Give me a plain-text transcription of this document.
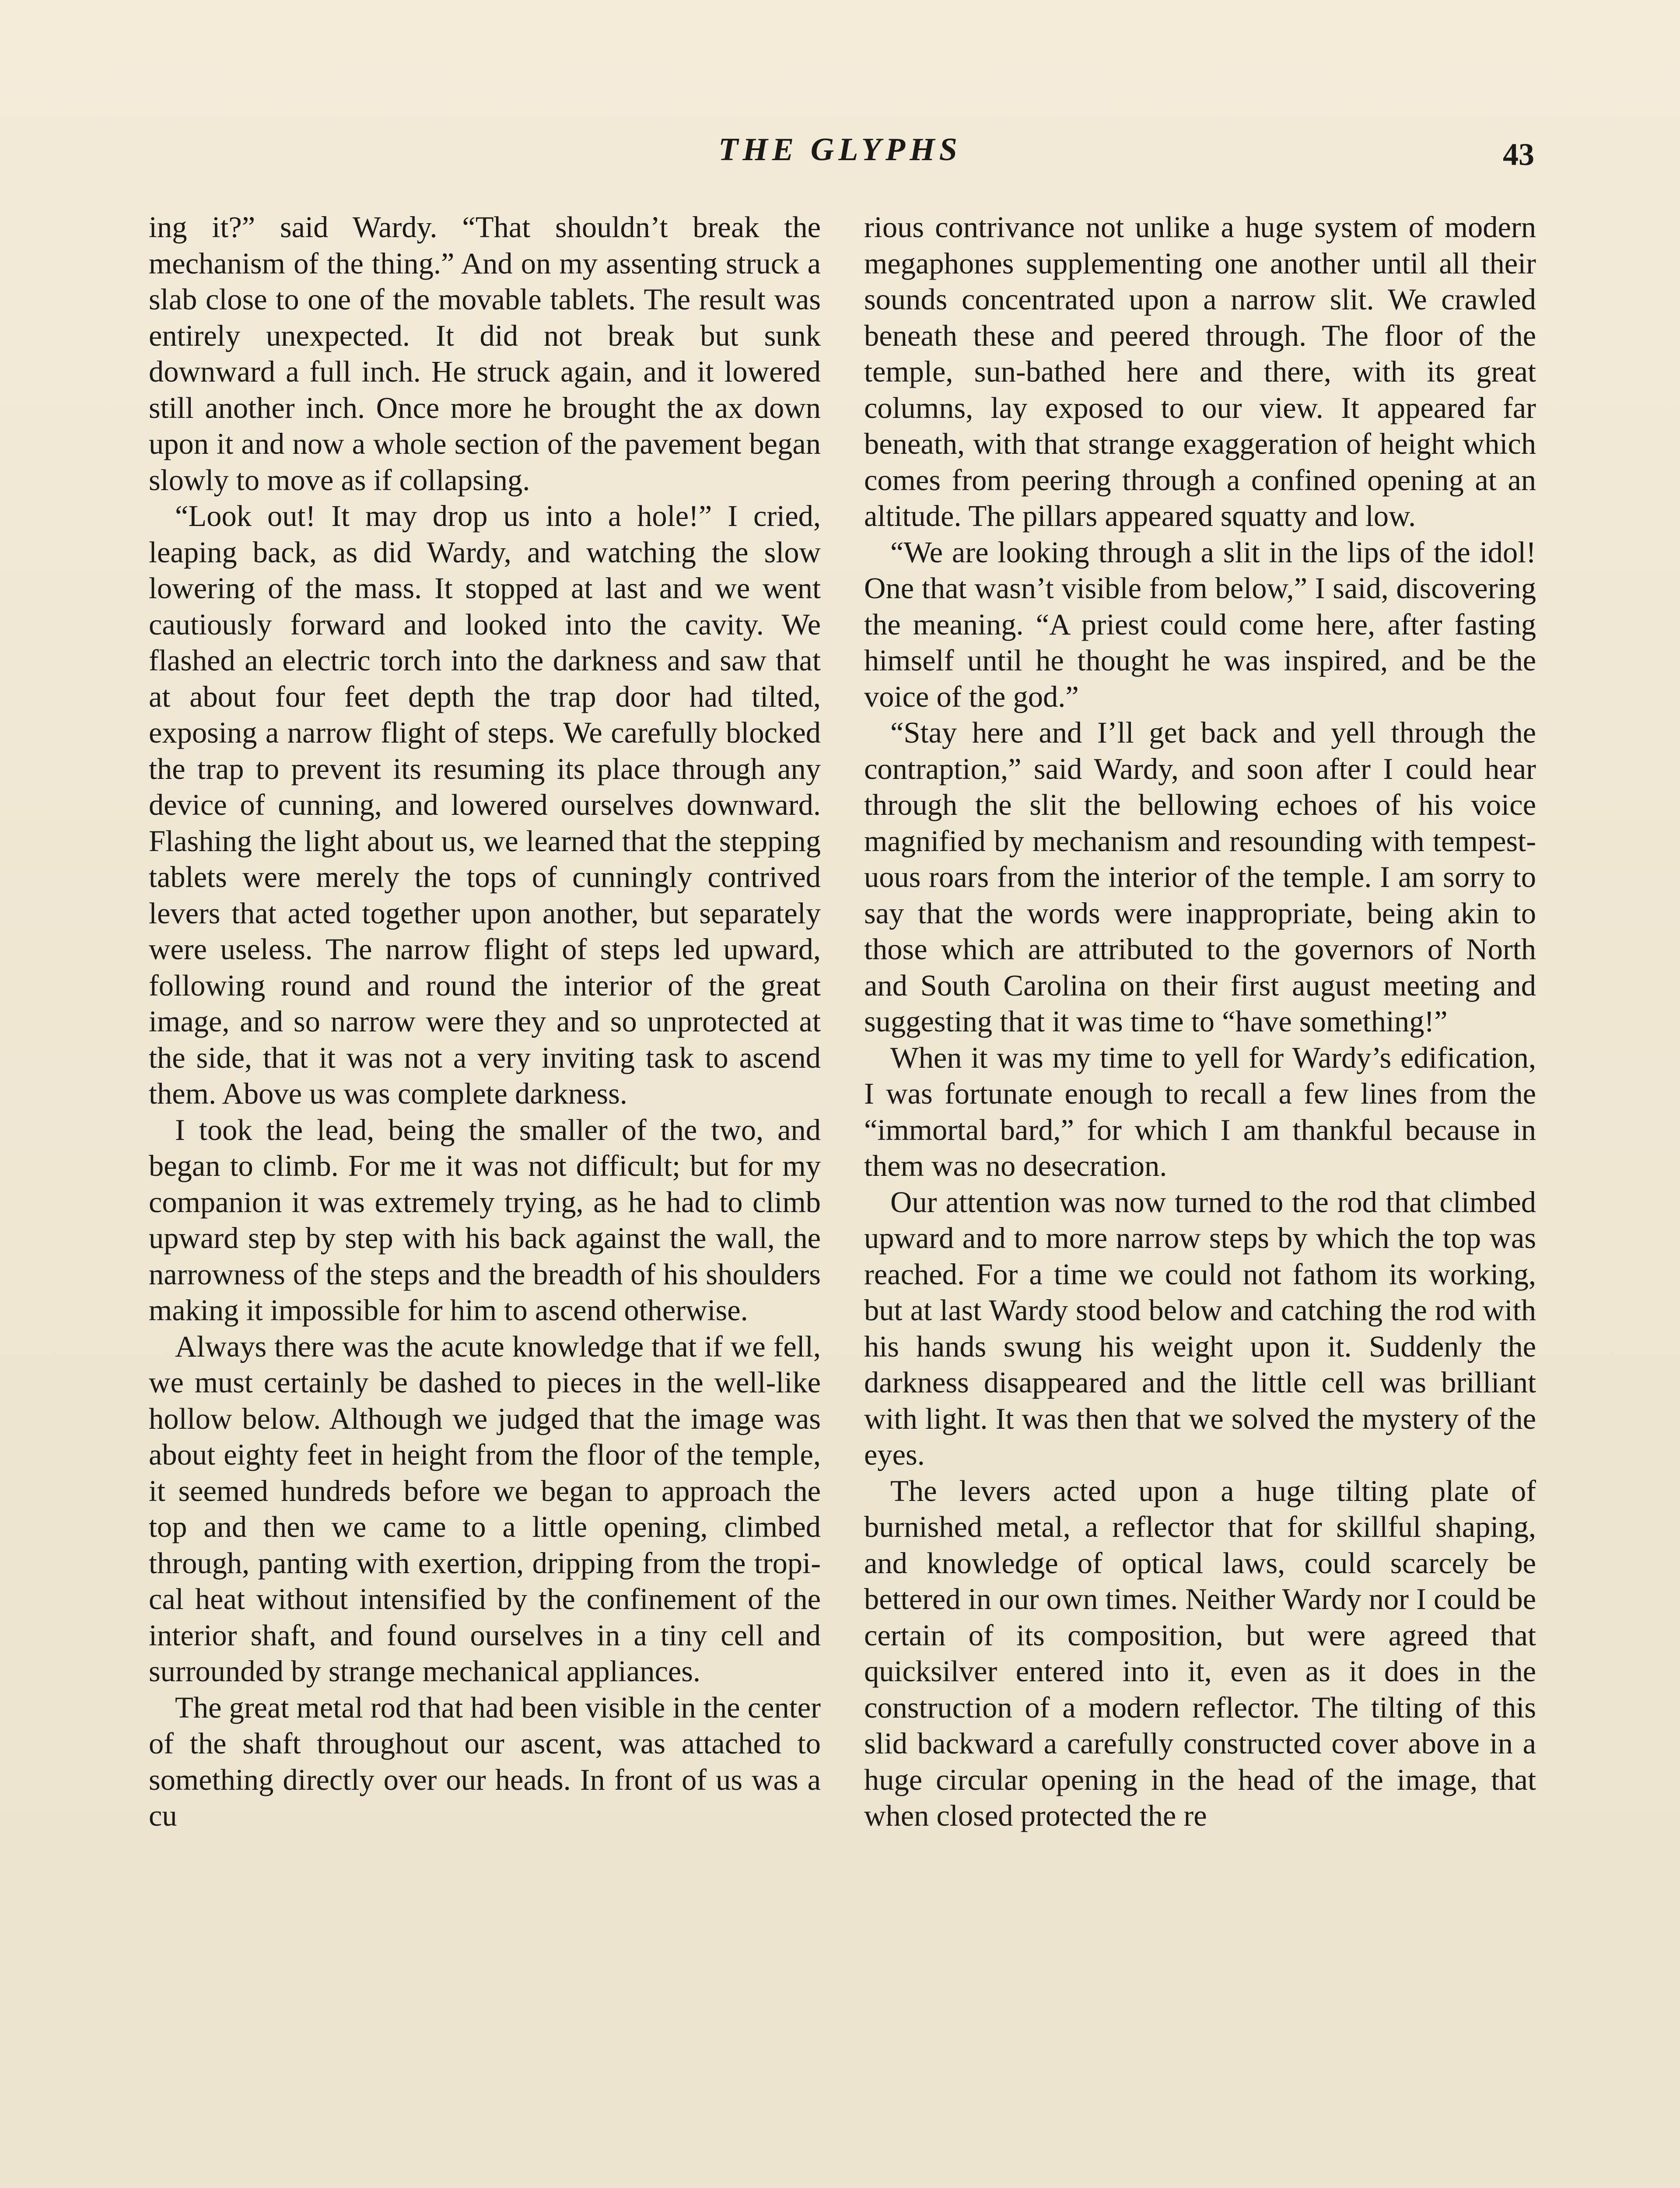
THE GLYPHS	43

ing it?” said Wardy. “That shouldn’t break the mechanism of the thing.” And on my assenting struck a slab close to one of the movable tablets. The result was entirely unexpected. It did not break but sunk downward a full inch. He struck again, and it lowered still another inch. Once more he brought the ax down upon it and now a whole section of the pavement began slowly to move as if collapsing.

“Look out! It may drop us into a hole!” I cried, leaping back, as did Wardy, and watching the slow lowering of the mass. It stopped at last and we went cautiously forward and looked into the cavity. We flashed an electric torch into the darkness and saw that at about four feet depth the trap door had tilted, exposing a narrow flight of steps. We carefully blocked the trap to prevent its resuming its place through any device of cunning, and lowered ourselves downward. Flashing the light about us, we learned that the stepping tablets were merely the tops of cunningly contrived levers that acted together upon another, but separately were useless. The narrow flight of steps led upward, following round and round the interior of the great image, and so narrow were they and so unprotected at the side, that it was not a very inviting task to ascend them. Above us was complete darkness.

I took the lead, being the smaller of the two, and began to climb. For me it was not difficult; but for my companion it was extremely trying, as he had to climb upward step by step with his back against the wall, the narrowness of the steps and the breadth of his shoulders making it impossible for him to ascend otherwise.

Always there was the acute knowledge that if we fell, we must certainly be dashed to pieces in the well-like hollow below. Although we judged that the image was about eighty feet in height from the floor of the temple, it seemed hundreds before we began to approach the top and then we came to a little opening, climbed through, panting with exertion, dripping from the tropical heat without intensified by the confinement of the interior shaft, and found ourselves in a tiny cell and surrounded by strange mechanical appliances.

The great metal rod that had been visible in the center of the shaft throughout our ascent, was attached to something directly over our heads. In front of us was a cu

rious contrivance not unlike a huge system of modern megaphones supplementing one another until all their sounds concentrated upon a narrow slit. We crawled beneath these and peered through. The floor of the temple, sun-bathed here and there, with its great columns, lay exposed to our view. It appeared far beneath, with that strange exaggeration of height which comes from peering through a confined opening at an altitude. The pillars appeared squatty and low.

“We are looking through a slit in the lips of the idol! One that wasn’t visible from below,” I said, discovering the meaning. “A priest could come here, after fasting himself until he thought he was inspired, and be the voice of the god.”

“Stay here and I’ll get back and yell through the contraption,” said Wardy, and soon after I could hear through the slit the bellowing echoes of his voice magnified by mechanism and resounding with tempestuous roars from the interior of the temple. I am sorry to say that the words were inappropriate, being akin to those which are attributed to the governors of North and South Carolina on their first august meeting and suggesting that it was time to “have something!”

When it was my time to yell for Wardy’s edification, I was fortunate enough to recall a few lines from the “immortal bard,” for which I am thankful because in them was no desecration.

Our attention was now turned to the rod that climbed upward and to more narrow steps by which the top was reached. For a time we could not fathom its working, but at last Wardy stood below and catching the rod with his hands swung his weight upon it. Suddenly the darkness disappeared and the little cell was brilliant with light. It was then that we solved the mystery of the eyes.

The levers acted upon a huge tilting plate of burnished metal, a reflector that for skillful shaping, and knowledge of optical laws, could scarcely be bettered in our own times. Neither Wardy nor I could be certain of its composition, but were agreed that quicksilver entered into it, even as it does in the construction of a modern reflector. The tilting of this slid backward a carefully constructed cover above in a huge circular opening in the head of the image, that when closed protected the re
